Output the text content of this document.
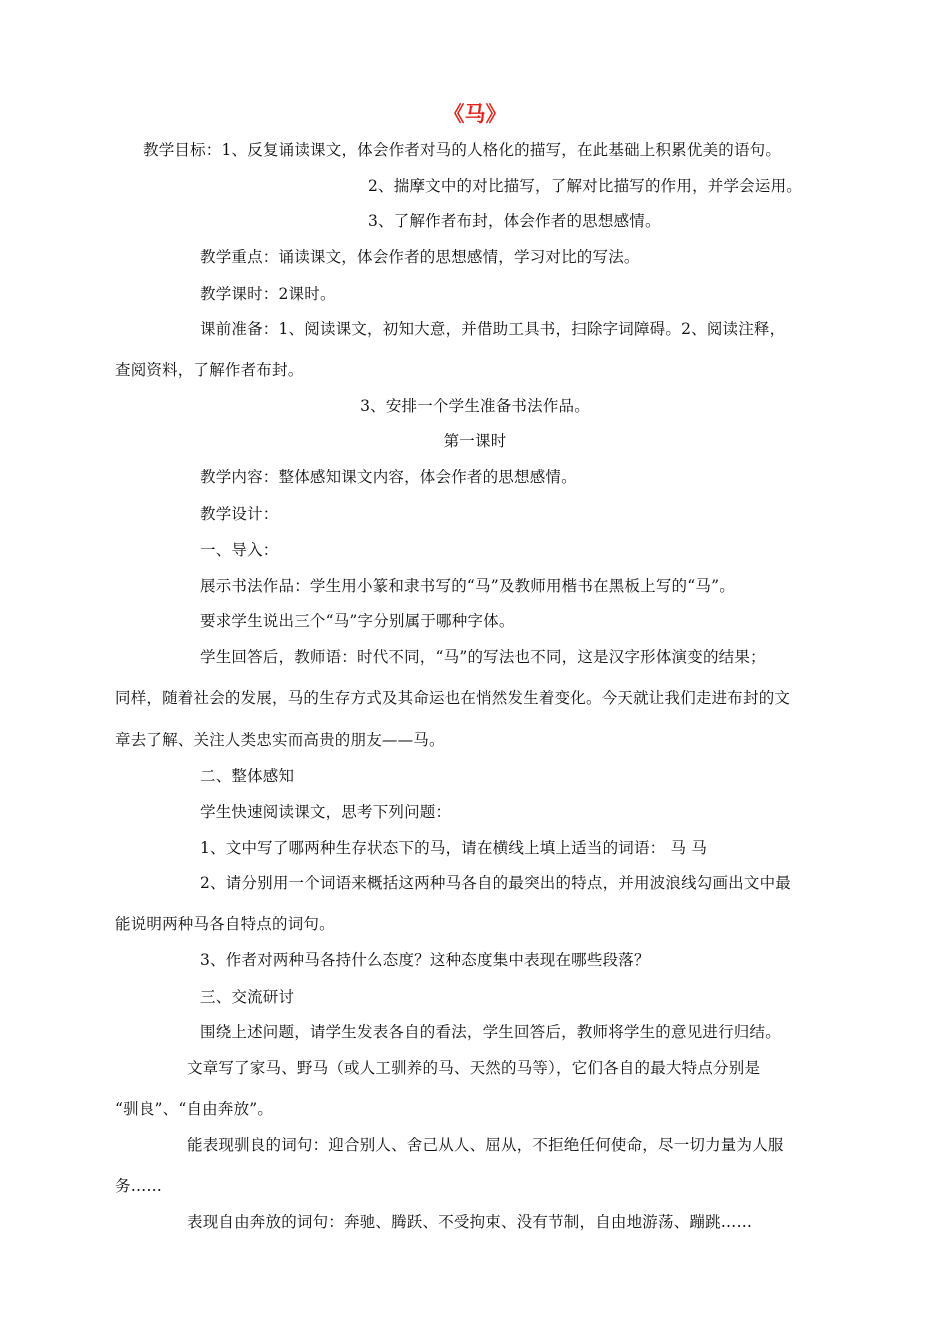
《马》
教学目标：1、反复诵读课文，体会作者对马的人格化的描写，在此基础上积累优美的语句。
2、揣摩文中的对比描写，了解对比描写的作用，并学会运用。
3、了解作者布封，体会作者的思想感情。
教学重点：诵读课文，体会作者的思想感情，学习对比的写法。
教学课时：2课时。
课前准备：1、阅读课文，初知大意，并借助工具书，扫除字词障碍。2、阅读注释，
查阅资料，了解作者布封。
3、安排一个学生准备书法作品。
第一课时
教学内容：整体感知课文内容，体会作者的思想感情。
教学设计：
一、导入：
展示书法作品：学生用小篆和隶书写的“马”及教师用楷书在黑板上写的“马”。
要求学生说出三个“马”字分别属于哪种字体。
学生回答后，教师语：时代不同，“马”的写法也不同，这是汉字形体演变的结果；
同样，随着社会的发展，马的生存方式及其命运也在悄然发生着变化。今天就让我们走进布封的文
章去了解、关注人类忠实而高贵的朋友——马。
二、整体感知
学生快速阅读课文，思考下列问题：
1、文中写了哪两种生存状态下的马，请在横线上填上适当的词语： 马 马
2、请分别用一个词语来概括这两种马各自的最突出的特点，并用波浪线勾画出文中最
能说明两种马各自特点的词句。
3、作者对两种马各持什么态度？这种态度集中表现在哪些段落？
三、交流研讨
围绕上述问题，请学生发表各自的看法，学生回答后，教师将学生的意见进行归结。
文章写了家马、野马（或人工驯养的马、天然的马等），它们各自的最大特点分别是
“驯良”、“自由奔放”。
能表现驯良的词句：迎合别人、舍己从人、屈从，不拒绝任何使命，尽一切力量为人服
务……
表现自由奔放的词句：奔驰、腾跃、不受拘束、没有节制，自由地游荡、蹦跳……
